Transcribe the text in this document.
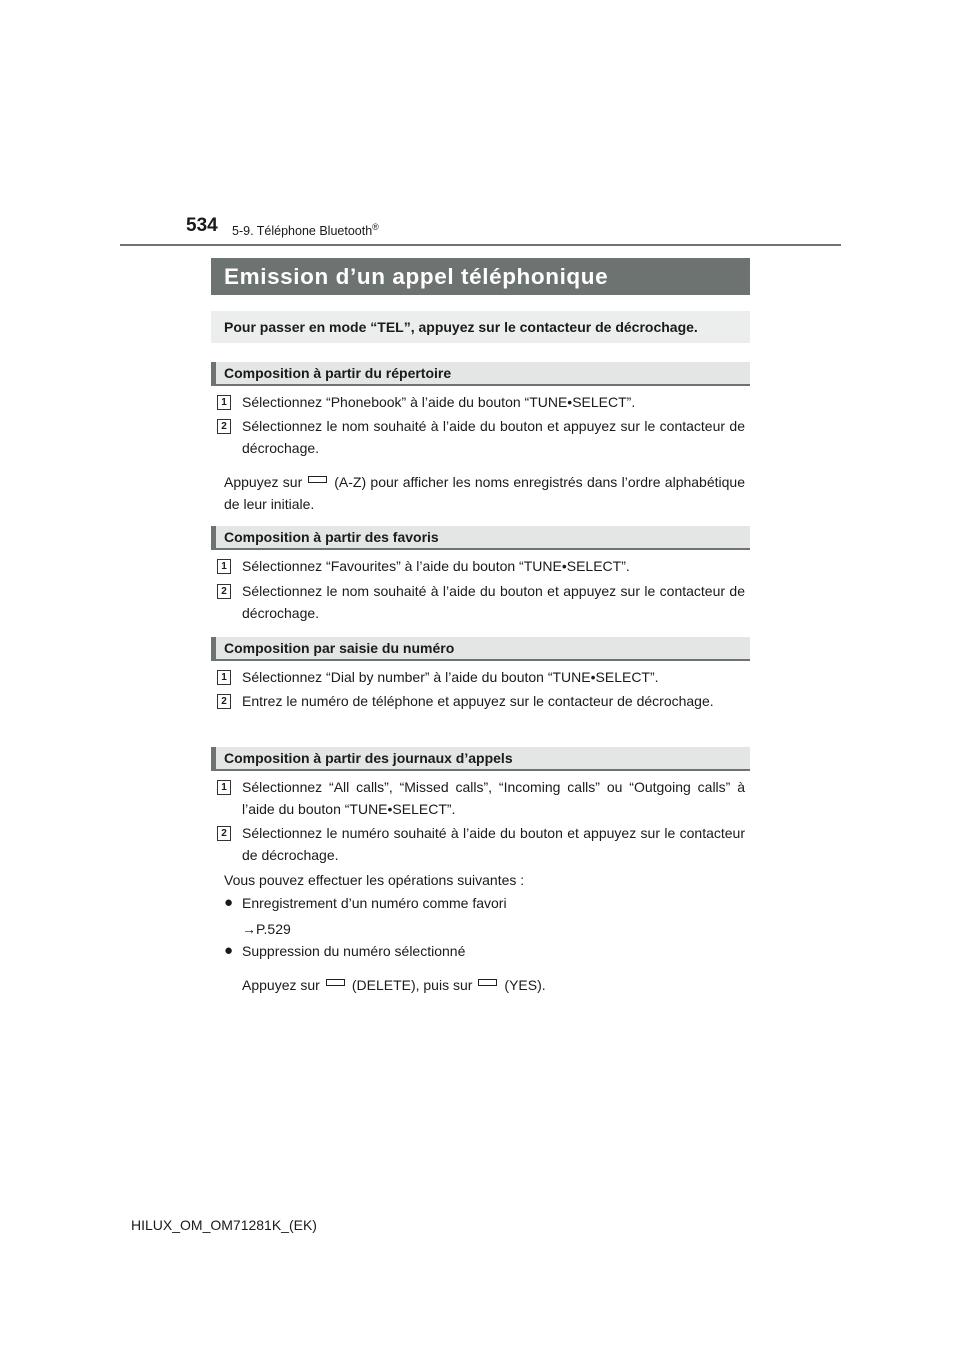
534 5-9. Téléphone Bluetooth®
Emission d’un appel téléphonique
Pour passer en mode “TEL”, appuyez sur le contacteur de décrochage.
Composition à partir du répertoire
1	Sélectionnez “Phonebook” à l’aide du bouton “TUNE•SELECT”.
2	Sélectionnez le nom souhaité à l’aide du bouton et appuyez sur le contacteur de décrochage.
Appuyez sur (A-Z) pour afficher les noms enregistrés dans l’ordre alphabétique de leur initiale.
Composition à partir des favoris
1	Sélectionnez “Favourites” à l’aide du bouton “TUNE•SELECT”.
2	Sélectionnez le nom souhaité à l’aide du bouton et appuyez sur le contacteur de décrochage.
Composition par saisie du numéro
1	Sélectionnez “Dial by number” à l’aide du bouton “TUNE•SELECT”.
2	Entrez le numéro de téléphone et appuyez sur le contacteur de décrochage.
Composition à partir des journaux d’appels
1	Sélectionnez “All calls”, “Missed calls”, “Incoming calls” ou “Outgoing calls” à l’aide du bouton “TUNE•SELECT”.
2	Sélectionnez le numéro souhaité à l’aide du bouton et appuyez sur le contacteur de décrochage.
Vous pouvez effectuer les opérations suivantes :
● Enregistrement d’un numéro comme favori
→P.529
● Suppression du numéro sélectionné
Appuyez sur (DELETE), puis sur (YES).
HILUX_OM_OM71281K_(EK)
